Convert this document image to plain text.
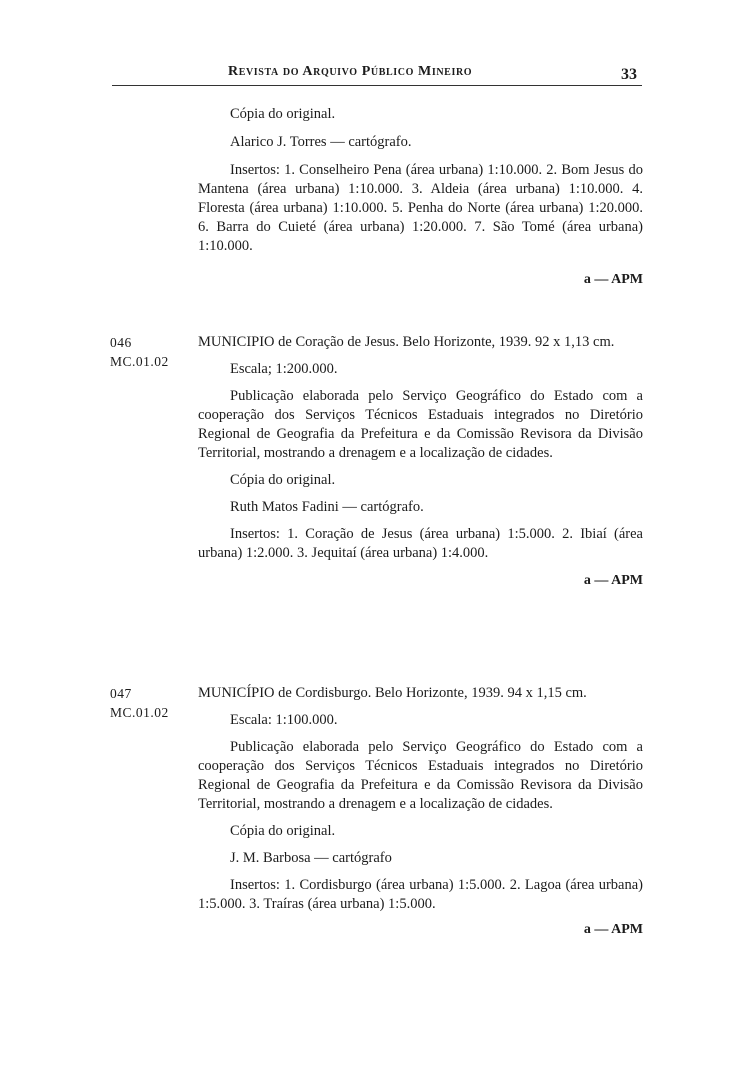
Revista do Arquivo Público Mineiro	33

Cópia do original.

Alarico J. Torres — cartógrafo.

Insertos: 1. Conselheiro Pena (área urbana) 1:10.000. 2. Bom Jesus do Mantena (área urbana) 1:10.000. 3. Aldeia (área urbana) 1:10.000. 4. Floresta (área urbana) 1:10.000. 5. Penha do Norte (área urbana) 1:20.000. 6. Barra do Cuieté (área urbana) 1:20.000. 7. São Tomé (área urbana) 1:10.000.

a — APM

046
MC.01.02

MUNICIPIO de Coração de Jesus. Belo Horizonte, 1939. 92 x 1,13 cm.

Escala; 1:200.000.

Publicação elaborada pelo Serviço Geográfico do Estado com a cooperação dos Serviços Técnicos Estaduais integrados no Diretório Regional de Geografia da Prefeitura e da Comissão Revisora da Divisão Territorial, mostrando a drenagem e a localização de cidades.

Cópia do original.

Ruth Matos Fadini — cartógrafo.

Insertos: 1. Coração de Jesus (área urbana) 1:5.000. 2. Ibiaí (área urbana) 1:2.000. 3. Jequitaí (área urbana) 1:4.000.

a — APM

047
MC.01.02

MUNICÍPIO de Cordisburgo. Belo Horizonte, 1939. 94 x 1,15 cm.

Escala: 1:100.000.

Publicação elaborada pelo Serviço Geográfico do Estado com a cooperação dos Serviços Técnicos Estaduais integrados no Diretório Regional de Geografia da Prefeitura e da Comissão Revisora da Divisão Territorial, mostrando a drenagem e a localização de cidades.

Cópia do original.

J. M. Barbosa — cartógrafo

Insertos: 1. Cordisburgo (área urbana) 1:5.000. 2. Lagoa (área urbana) 1:5.000. 3. Traíras (área urbana) 1:5.000.

a — APM
